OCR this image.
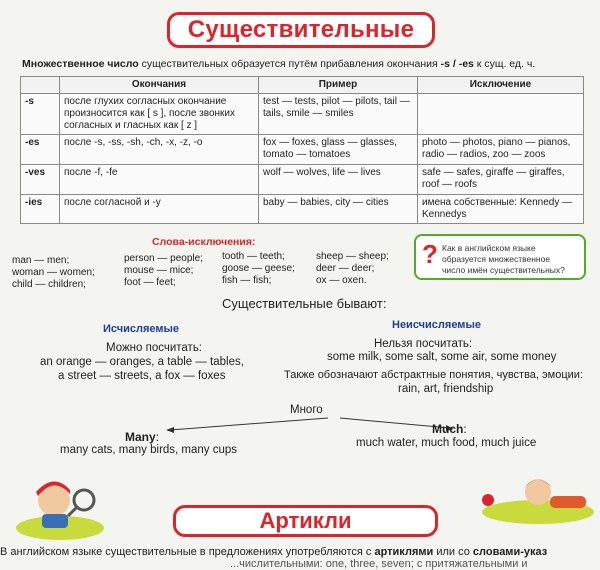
Существительные
Множественное число существительных образуется путём прибавления окончания -s / -es к сущ. ед. ч.
	Окончания	Пример	Исключение
-s	после глухих согласных окончание произносится как [ s ], после звонких согласных и гласных как [ z ]	test — tests, pilot — pilots, tail — tails, smile — smiles	
-es	после -s, -ss, -sh, -ch, -x, -z, -o	fox — foxes, glass — glasses, tomato — tomatoes	photo — photos, piano — pianos, radio — radios, zoo — zoos
-ves	после -f, -fe	wolf — wolves, life — lives	safe — safes, giraffe — giraffes, roof — roofs
-ies	после согласной и -y	baby — babies, city — cities	имена собственные: Kennedy — Kennedys
Слова-исключения:
man — men;
woman — women;
child — children;
person — people;
mouse — mice;
foot — feet;
tooth — teeth;
goose — geese;
fish — fish;
sheep — sheep;
deer — deer;
ox — oxen.
? Как в английском языке
образуется множественное
число имён существительных?
Существительные бывают:
Исчисляемые
Можно посчитать:
an orange — oranges, a table — tables,
a street — streets, a fox — foxes
Неисчисляемые
Нельзя посчитать:
some milk, some salt, some air, some money
Также обозначают абстрактные понятия, чувства, эмоции:
rain, art, friendship
Много
Many:
many cats, many birds, many cups
Much:
much water, much food, much juice
Артикли
В английском языке существительные в предложениях употребляются с артиклями или со словами-указ
...числительными: one, three, seven; с притяжательными и
